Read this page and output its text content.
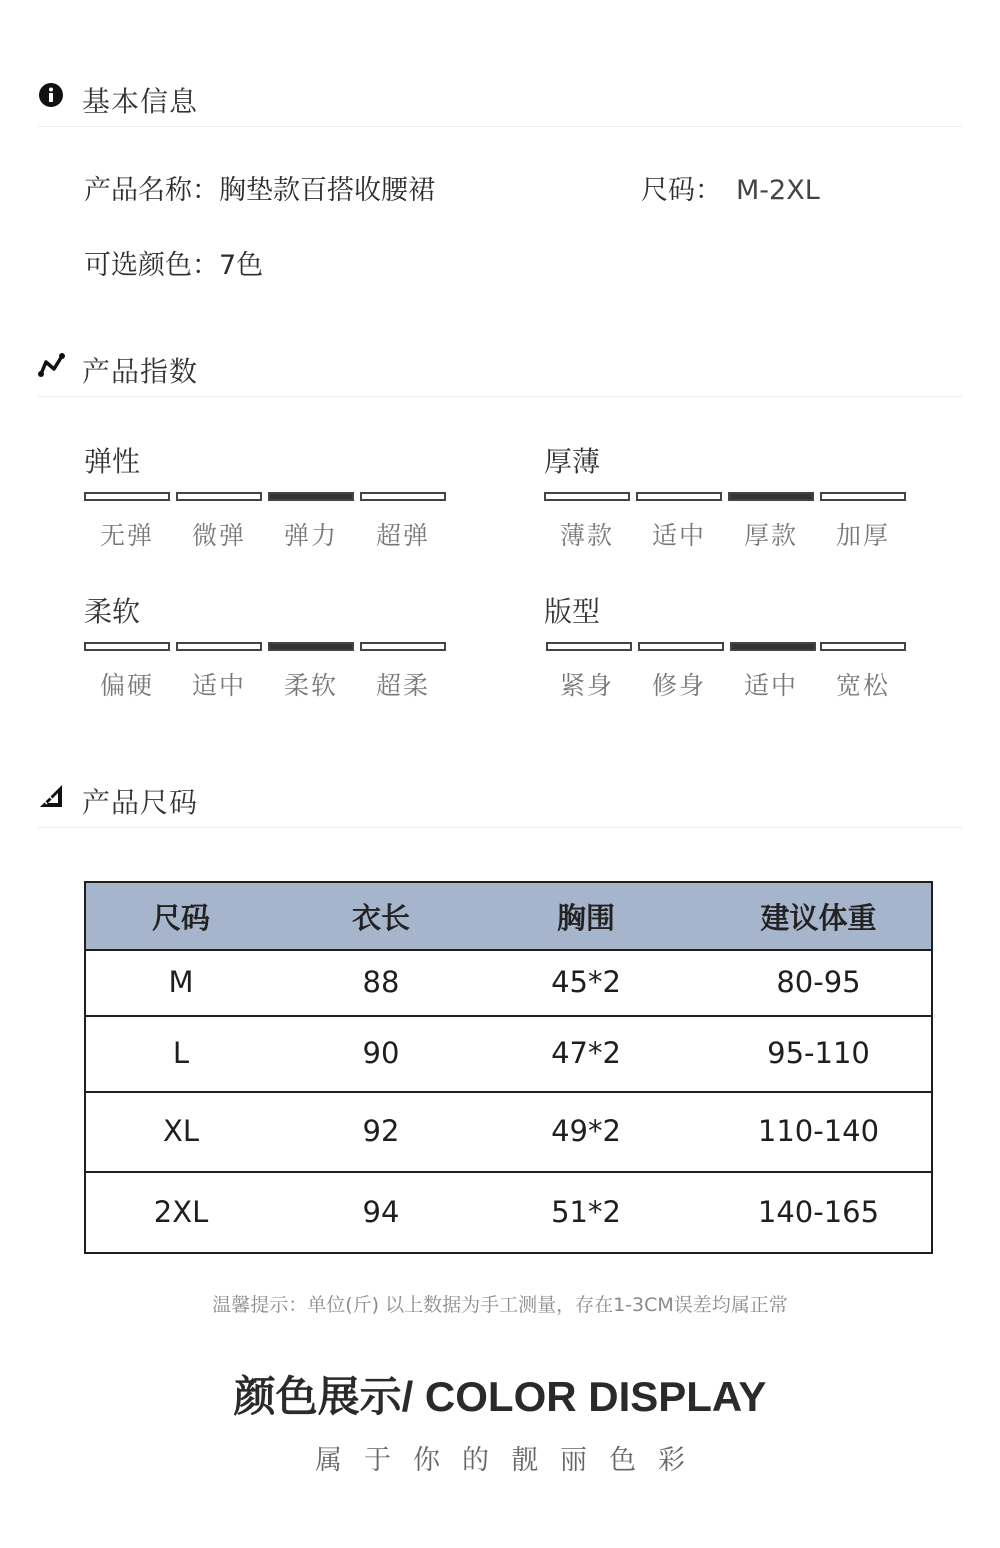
基本信息
产品名称：胸垫款百搭收腰裙	尺码： M-2XL
可选颜色：7色
产品指数
弹性
无弹	微弹	弹力	超弹
厚薄
薄款	适中	厚款	加厚
柔软
偏硬	适中	柔软	超柔
版型
紧身	修身	适中	宽松
产品尺码
尺码	衣长	胸围	建议体重
M	88	45*2	80-95
L	90	47*2	95-110
XL	92	49*2	110-140
2XL	94	51*2	140-165
温馨提示：单位(斤) 以上数据为手工测量，存在1-3CM误差均属正常
颜色展示/ COLOR DISPLAY
属于你的靓丽色彩
